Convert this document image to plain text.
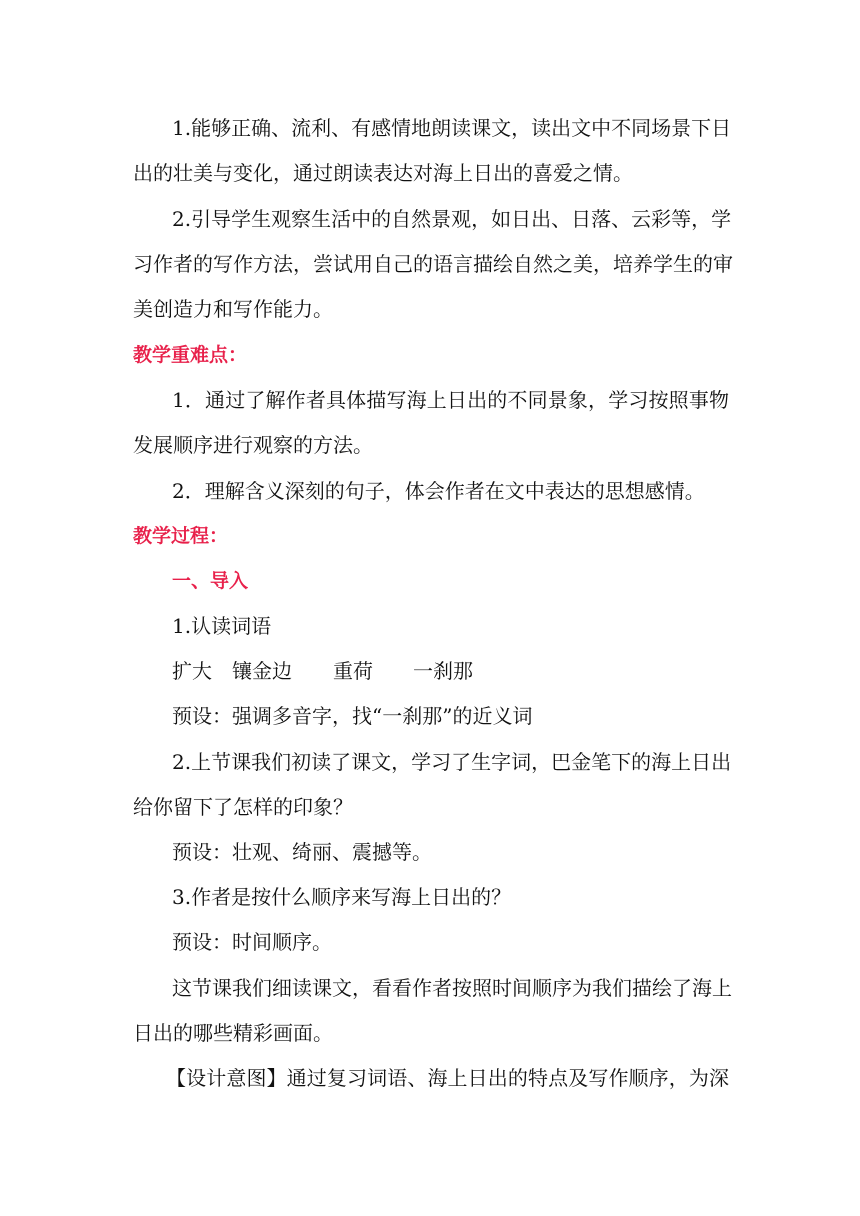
1.能够正确、流利、有感情地朗读课文，读出文中不同场景下日
出的壮美与变化，通过朗读表达对海上日出的喜爱之情。
2.引导学生观察生活中的自然景观，如日出、日落、云彩等，学
习作者的写作方法，尝试用自己的语言描绘自然之美，培养学生的审
美创造力和写作能力。
教学重难点：
1．通过了解作者具体描写海上日出的不同景象，学习按照事物
发展顺序进行观察的方法。
2．理解含义深刻的句子，体会作者在文中表达的思想感情。
教学过程：
一、导入
1.认读词语
扩大 镶金边 重荷 一刹那
预设：强调多音字，找“一刹那”的近义词
2.上节课我们初读了课文，学习了生字词，巴金笔下的海上日出
给你留下了怎样的印象？
预设：壮观、绮丽、震撼等。
3.作者是按什么顺序来写海上日出的？
预设：时间顺序。
这节课我们细读课文，看看作者按照时间顺序为我们描绘了海上
日出的哪些精彩画面。
【设计意图】通过复习词语、海上日出的特点及写作顺序，为深
